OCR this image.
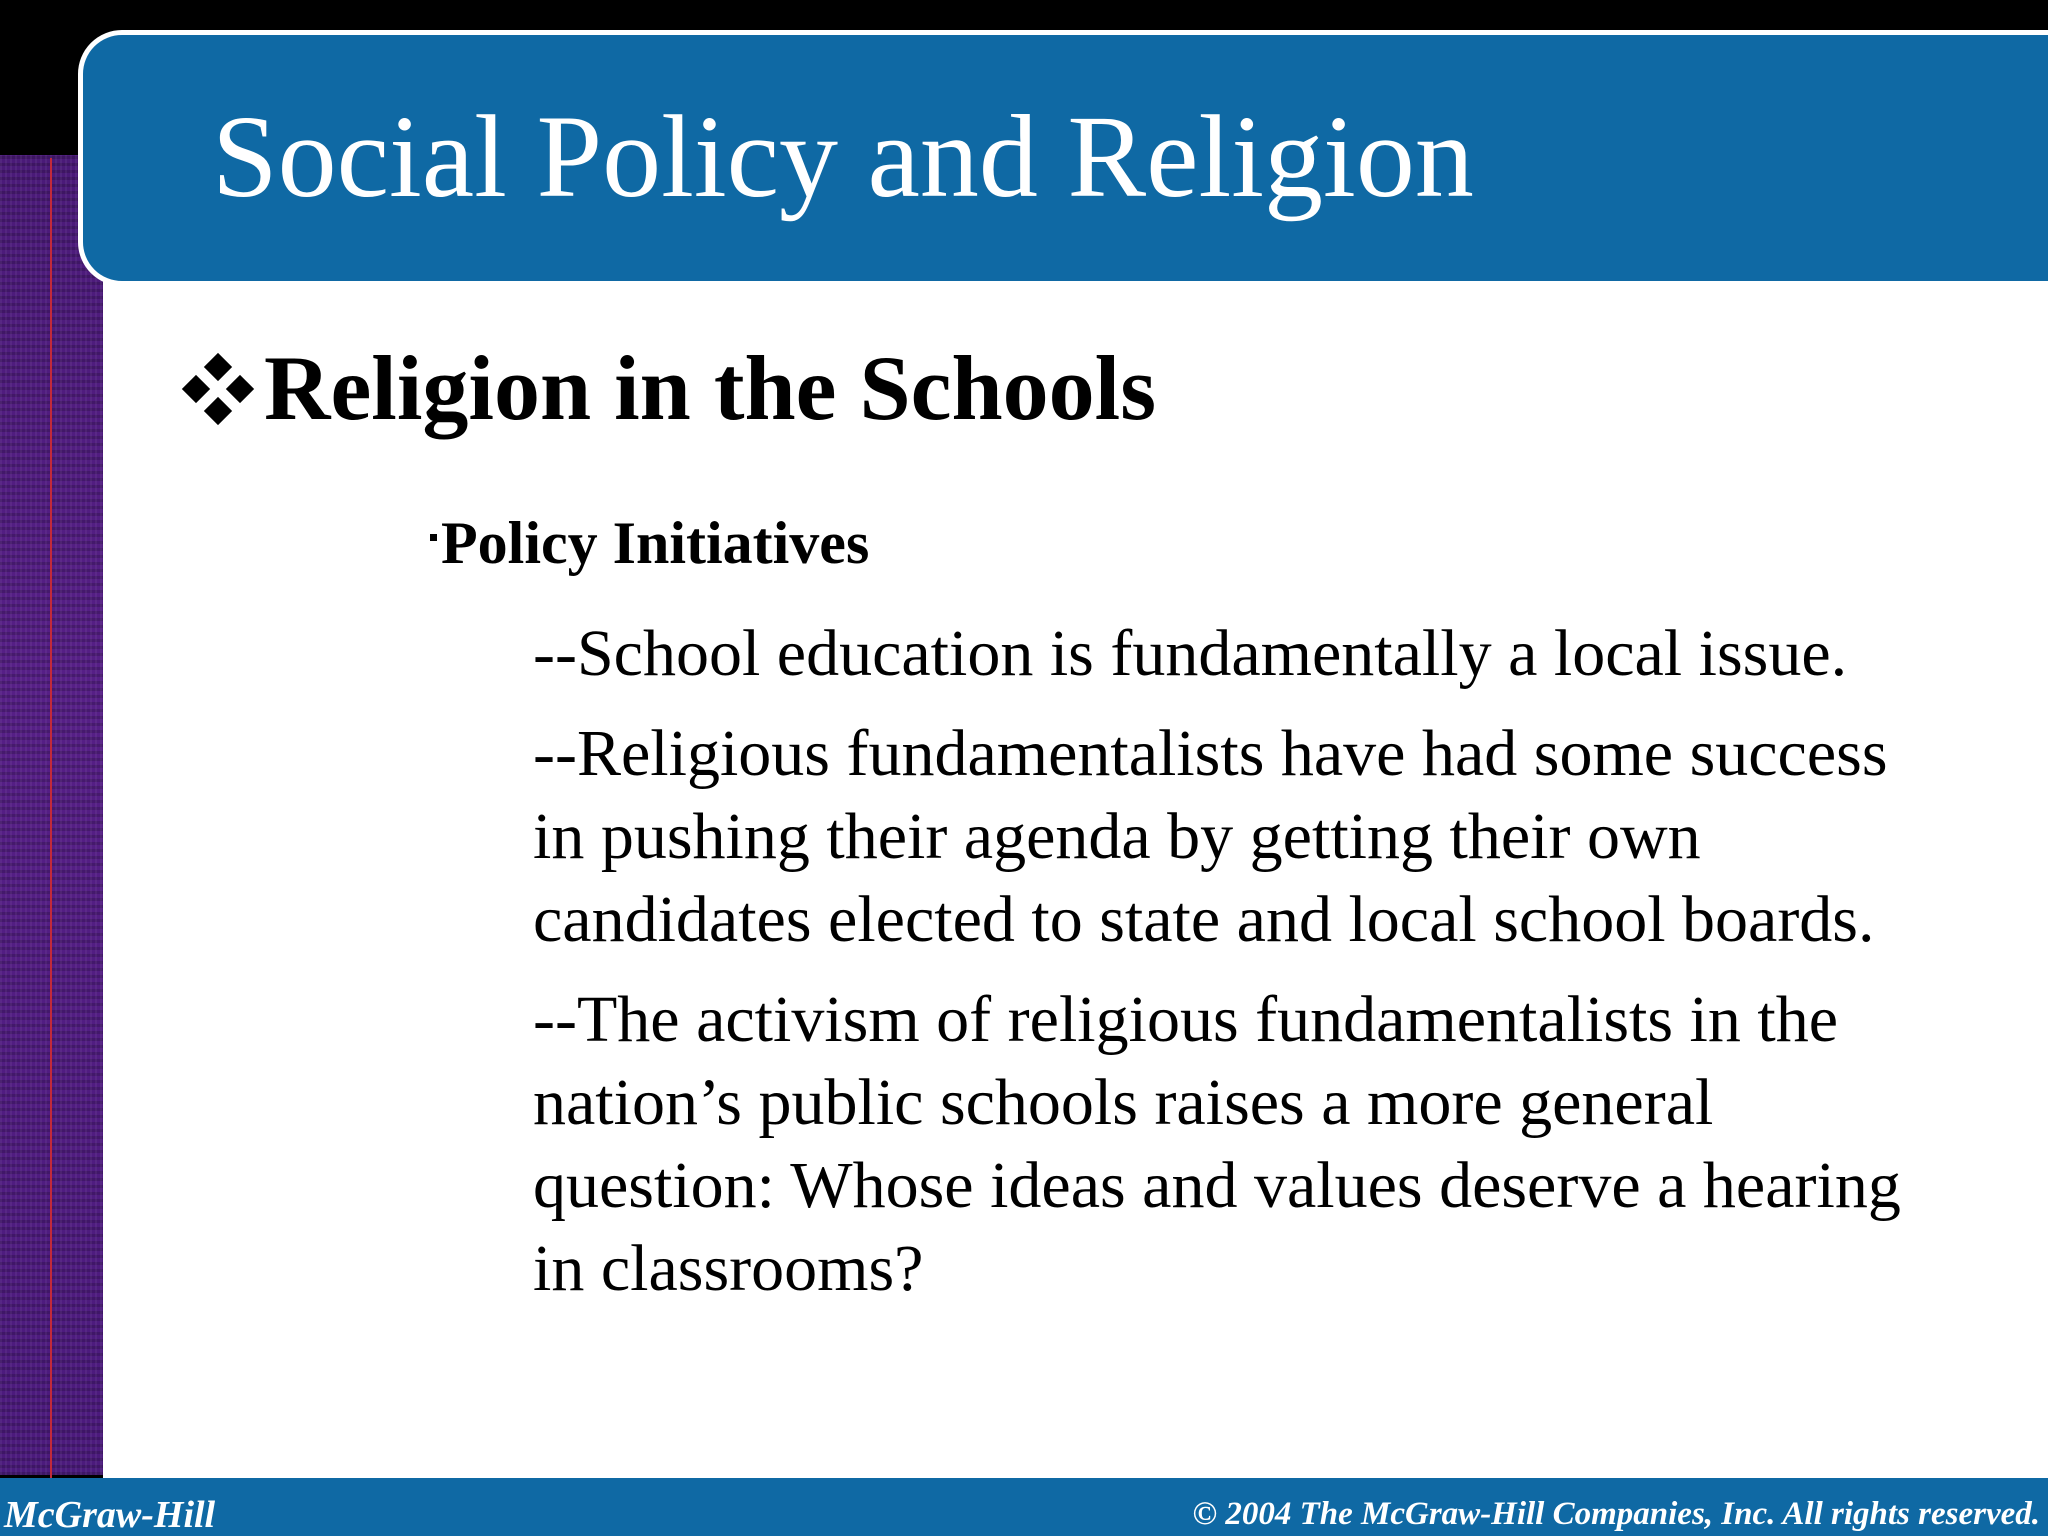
Social Policy and Religion
Religion in the Schools
Policy Initiatives

--School education is fundamentally a local issue.

--Religious fundamentalists have had some success in pushing their agenda by getting their own candidates elected to state and local school boards.

--The activism of religious fundamentalists in the nation’s public schools raises a more general question: Whose ideas and values deserve a hearing in classrooms?

McGraw-Hill	© 2004 The McGraw-Hill Companies, Inc. All rights reserved.
